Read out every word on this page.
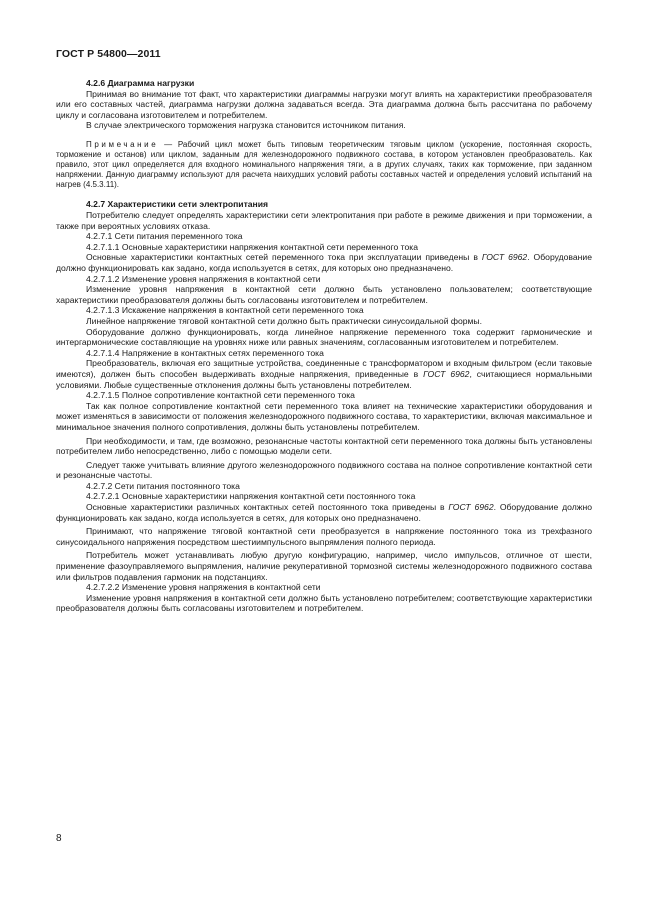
ГОСТ Р 54800—2011

4.2.6 Диаграмма нагрузки

Принимая во внимание тот факт, что характеристики диаграммы нагрузки могут влиять на характеристики преобразователя или его составных частей, диаграмма нагрузки должна задаваться всегда. Эта диаграмма должна быть рассчитана по рабочему циклу и согласована изготовителем и потребителем.

В случае электрического торможения нагрузка становится источником питания.

Примечание — Рабочий цикл может быть типовым теоретическим тяговым циклом (ускорение, постоянная скорость, торможение и останов) или циклом, заданным для железнодорожного подвижного состава, в котором установлен преобразователь. Как правило, этот цикл определяется для входного номинального напряжения тяги, а в других случаях, таких как торможение, при заданном напряжении. Данную диаграмму используют для расчета наихудших условий работы составных частей и определения условий испытаний на нагрев (4.5.3.11).

4.2.7 Характеристики сети электропитания

Потребителю следует определять характеристики сети электропитания при работе в режиме движения и при торможении, а также при вероятных условиях отказа.

4.2.7.1 Сети питания переменного тока

4.2.7.1.1 Основные характеристики напряжения контактной сети переменного тока

Основные характеристики контактных сетей переменного тока при эксплуатации приведены в ГОСТ 6962. Оборудование должно функционировать как задано, когда используется в сетях, для которых оно предназначено.

4.2.7.1.2 Изменение уровня напряжения в контактной сети

Изменение уровня напряжения в контактной сети должно быть установлено пользователем; соответствующие характеристики преобразователя должны быть согласованы изготовителем и потребителем.

4.2.7.1.3 Искажение напряжения в контактной сети переменного тока

Линейное напряжение тяговой контактной сети должно быть практически синусоидальной формы.

Оборудование должно функционировать, когда линейное напряжение переменного тока содержит гармонические и интергармонические составляющие на уровнях ниже или равных значениям, согласованным изготовителем и потребителем.

4.2.7.1.4 Напряжение в контактных сетях переменного тока

Преобразователь, включая его защитные устройства, соединенные с трансформатором и входным фильтром (если таковые имеются), должен быть способен выдерживать входные напряжения, приведенные в ГОСТ 6962, считающиеся нормальными условиями. Любые существенные отклонения должны быть установлены потребителем.

4.2.7.1.5 Полное сопротивление контактной сети переменного тока

Так как полное сопротивление контактной сети переменного тока влияет на технические характеристики оборудования и может изменяться в зависимости от положения железнодорожного подвижного состава, то характеристики, включая максимальное и минимальное значения полного сопротивления, должны быть установлены потребителем.

При необходимости, и там, где возможно, резонансные частоты контактной сети переменного тока должны быть установлены потребителем либо непосредственно, либо с помощью модели сети.

Следует также учитывать влияние другого железнодорожного подвижного состава на полное сопротивление контактной сети и резонансные частоты.

4.2.7.2 Сети питания постоянного тока

4.2.7.2.1 Основные характеристики напряжения контактной сети постоянного тока

Основные характеристики различных контактных сетей постоянного тока приведены в ГОСТ 6962. Оборудование должно функционировать как задано, когда используется в сетях, для которых оно предназначено.

Принимают, что напряжение тяговой контактной сети преобразуется в напряжение постоянного тока из трехфазного синусоидального напряжения посредством шестиимпульсного выпрямления полного периода.

Потребитель может устанавливать любую другую конфигурацию, например, число импульсов, отличное от шести, применение фазоуправляемого выпрямления, наличие рекуперативной тормозной системы железнодорожного подвижного состава или фильтров подавления гармоник на подстанциях.

4.2.7.2.2 Изменение уровня напряжения в контактной сети

Изменение уровня напряжения в контактной сети должно быть установлено потребителем; соответствующие характеристики преобразователя должны быть согласованы изготовителем и потребителем.

8
